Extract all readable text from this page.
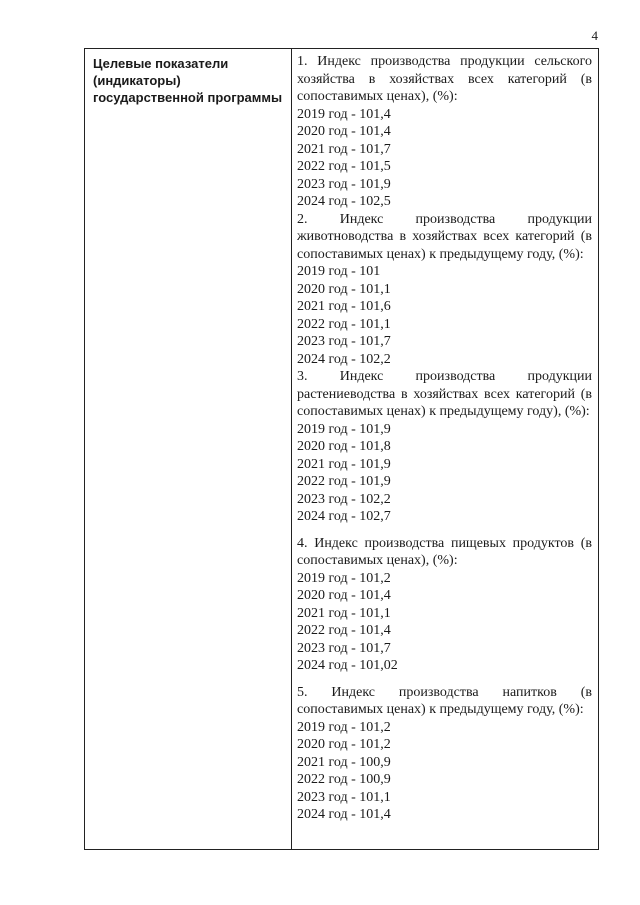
4
Целевые показатели (индикаторы) государственной программы
1. Индекс производства продукции сельского хозяйства в хозяйствах всех категорий (в сопоставимых ценах), (%):
2019 год - 101,4
2020 год - 101,4
2021 год - 101,7
2022 год - 101,5
2023 год - 101,9
2024 год - 102,5
2. Индекс производства продукции животноводства в хозяйствах всех категорий (в сопоставимых ценах) к предыдущему году, (%):
2019 год - 101
2020 год - 101,1
2021 год - 101,6
2022 год - 101,1
2023 год - 101,7
2024 год - 102,2
3. Индекс производства продукции растениеводства в хозяйствах всех категорий (в сопоставимых ценах) к предыдущему году), (%):
2019 год - 101,9
2020 год - 101,8
2021 год - 101,9
2022 год - 101,9
2023 год - 102,2
2024 год - 102,7
4. Индекс производства пищевых продуктов (в сопоставимых ценах), (%):
2019 год - 101,2
2020 год - 101,4
2021 год - 101,1
2022 год - 101,4
2023 год - 101,7
2024 год - 101,02
5. Индекс производства напитков (в сопоставимых ценах) к предыдущему году, (%):
2019 год - 101,2
2020 год - 101,2
2021 год - 100,9
2022 год - 100,9
2023 год - 101,1
2024 год - 101,4
